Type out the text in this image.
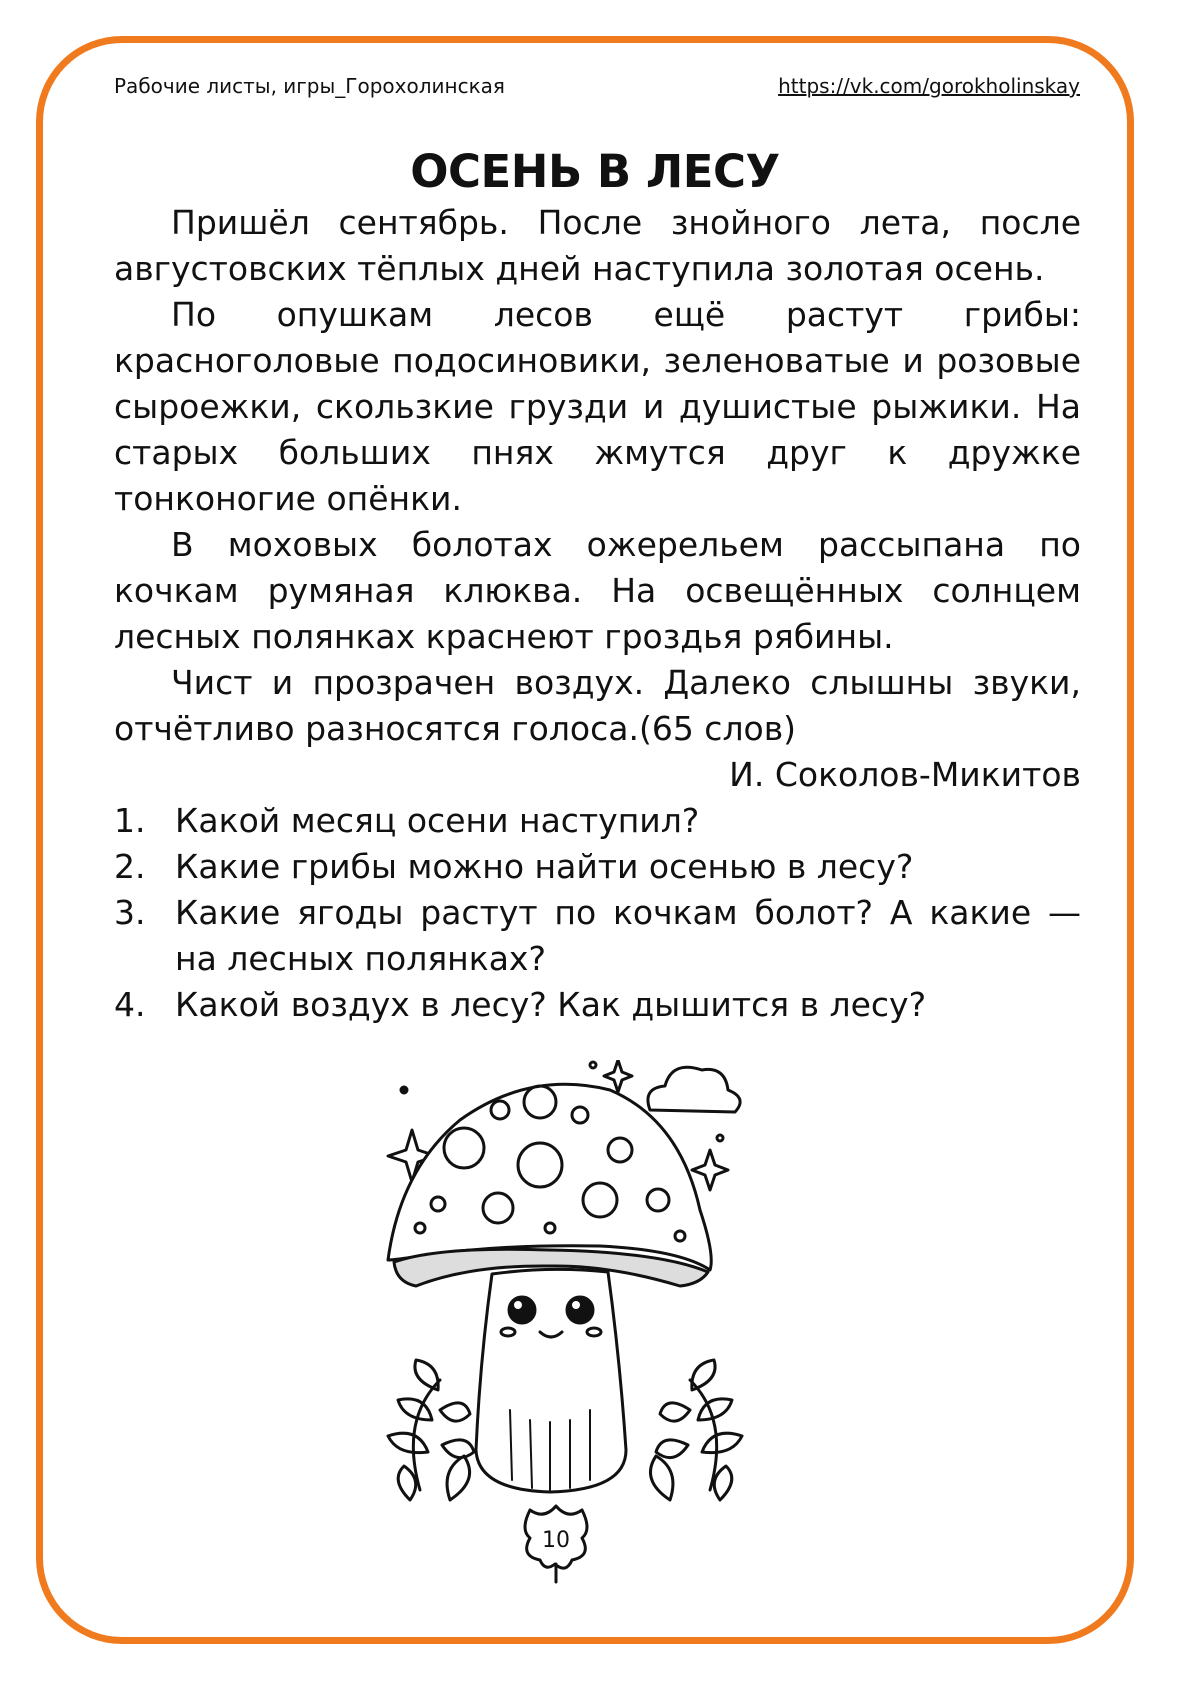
Рабочие листы, игры_Горохолинская	https://vk.com/gorokholinskay
ОСЕНЬ В ЛЕСУ

Пришёл сентябрь. После знойного лета, после августовских тёплых дней наступила золотая осень.

По опушкам лесов ещё растут грибы: красноголовые подосиновики, зеленоватые и розовые сыроежки, скользкие грузди и душистые рыжики. На старых больших пнях жмутся друг к дружке тонконогие опёнки.

В моховых болотах ожерельем рассыпана по кочкам румяная клюква. На освещённых солнцем лесных полянках краснеют гроздья рябины.

Чист и прозрачен воздух. Далеко слышны звуки, отчётливо разносятся голоса.(65 слов)

И. Соколов-Микитов
1. Какой месяц осени наступил?
2. Какие грибы можно найти осенью в лесу?
3. Какие ягоды растут по кочкам болот? А какие — на лесных полянках?
4. Какой воздух в лесу? Как дышится в лесу?
10
